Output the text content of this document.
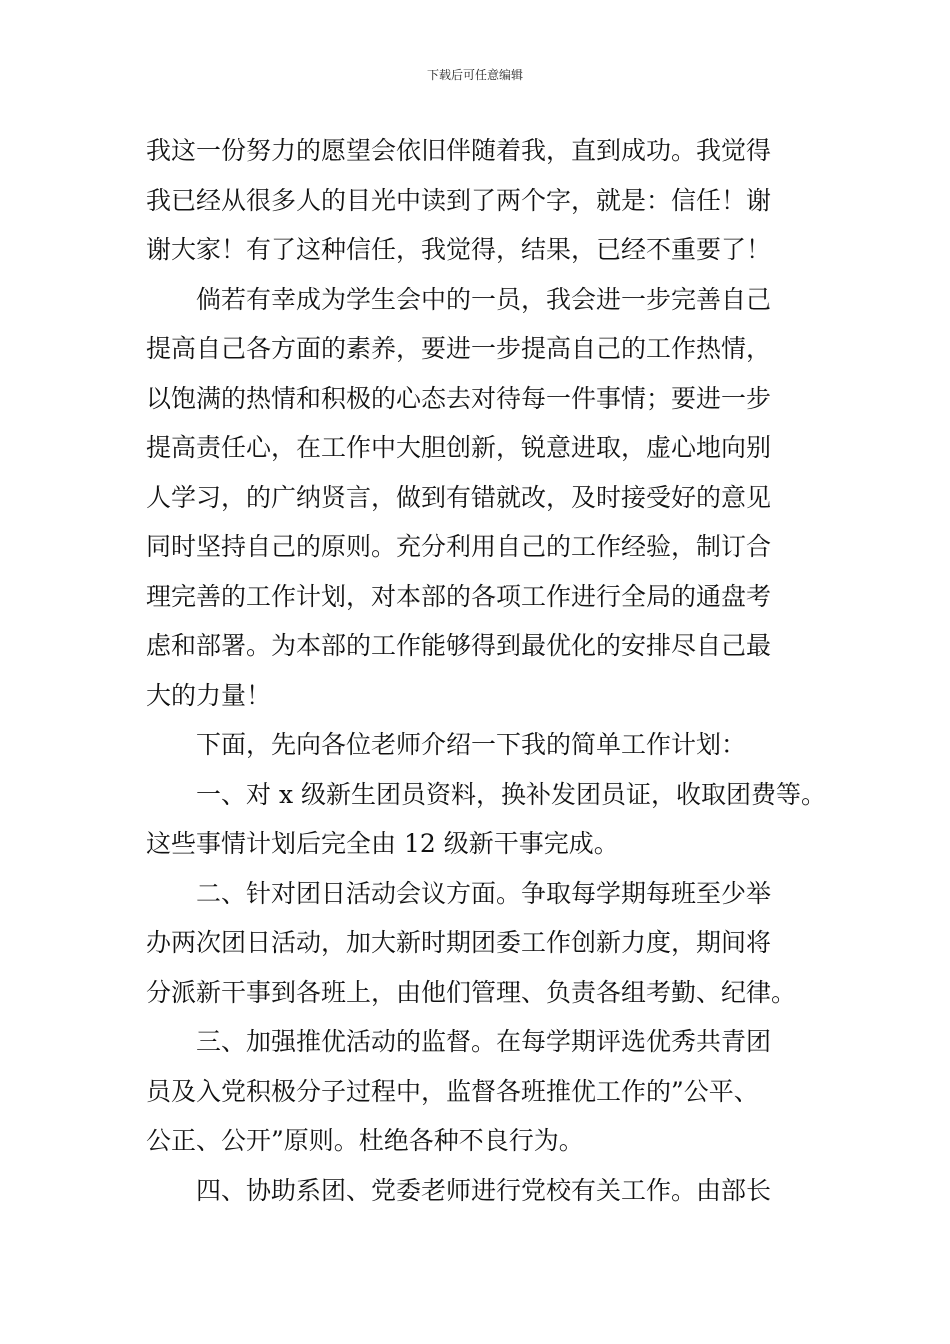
下载后可任意编辑

我这一份努力的愿望会依旧伴随着我，直到成功。我觉得

我已经从很多人的目光中读到了两个字，就是：信任！谢

谢大家！有了这种信任，我觉得，结果，已经不重要了！

倘若有幸成为学生会中的一员，我会进一步完善自己

提高自己各方面的素养，要进一步提高自己的工作热情，

以饱满的热情和积极的心态去对待每一件事情；要进一步

提高责任心，在工作中大胆创新，锐意进取，虚心地向别

人学习，的广纳贤言，做到有错就改，及时接受好的意见

同时坚持自己的原则。充分利用自己的工作经验，制订合

理完善的工作计划，对本部的各项工作进行全局的通盘考

虑和部署。为本部的工作能够得到最优化的安排尽自己最

大的力量！

下面，先向各位老师介绍一下我的简单工作计划：

一、对 x 级新生团员资料，换补发团员证，收取团费等。

这些事情计划后完全由 12 级新干事完成。

二、针对团日活动会议方面。争取每学期每班至少举

办两次团日活动，加大新时期团委工作创新力度，期间将

分派新干事到各班上，由他们管理、负责各组考勤、纪律。

三、加强推优活动的监督。在每学期评选优秀共青团

员及入党积极分子过程中，监督各班推优工作的”公平、

公正、公开”原则。杜绝各种不良行为。

四、协助系团、党委老师进行党校有关工作。由部长
